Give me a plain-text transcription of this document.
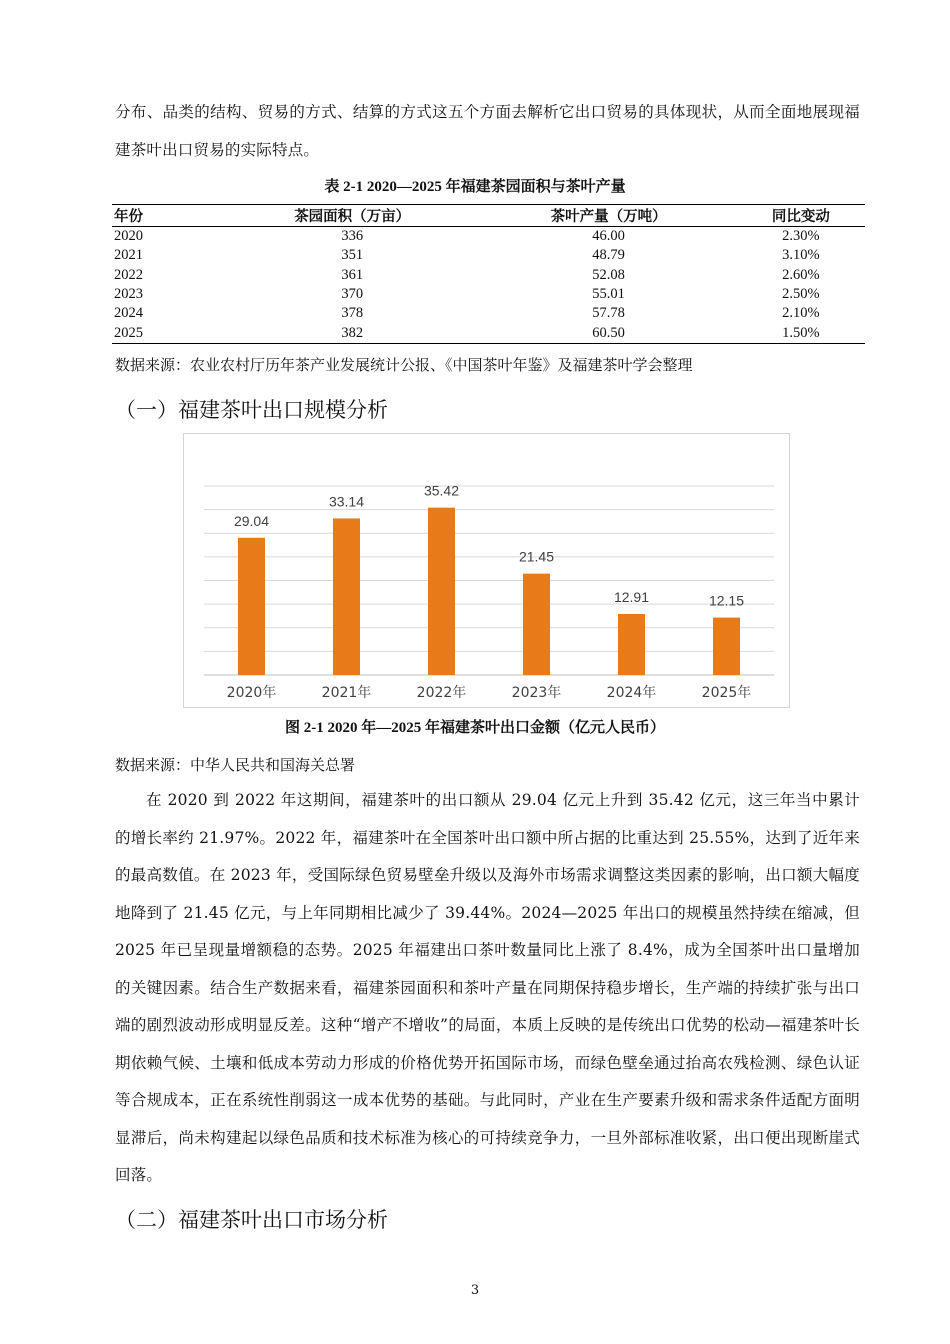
分布、品类的结构、贸易的方式、结算的方式这五个方面去解析它出口贸易的具体现状，从而全面地展现福建茶叶出口贸易的实际特点。

表 2-1 2020—2025 年福建茶园面积与茶叶产量
年份	茶园面积（万亩）	茶叶产量（万吨）	同比变动
2020	336	46.00	2.30%
2021	351	48.79	3.10%
2022	361	52.08	2.60%
2023	370	55.01	2.50%
2024	378	57.78	2.10%
2025	382	60.50	1.50%
数据来源：农业农村厅历年茶产业发展统计公报、《中国茶叶年鉴》及福建茶叶学会整理
（一）福建茶叶出口规模分析
29.04
2020年
33.14
2021年
35.42
2022年
21.45
2023年
12.91
2024年
12.15
2025年
图 2-1 2020 年—2025 年福建茶叶出口金额（亿元人民币）
数据来源：中华人民共和国海关总署

在 2020 到 2022 年这期间，福建茶叶的出口额从 29.04 亿元上升到 35.42 亿元，这三年当中累计的增长率约 21.97%。2022 年，福建茶叶在全国茶叶出口额中所占据的比重达到 25.55%，达到了近年来的最高数值。在 2023 年，受国际绿色贸易壁垒升级以及海外市场需求调整这类因素的影响，出口额大幅度地降到了 21.45 亿元，与上年同期相比减少了 39.44%。2024—2025 年出口的规模虽然持续在缩减，但 2025 年已呈现量增额稳的态势。2025 年福建出口茶叶数量同比上涨了 8.4%，成为全国茶叶出口量增加的关键因素。结合生产数据来看，福建茶园面积和茶叶产量在同期保持稳步增长，生产端的持续扩张与出口端的剧烈波动形成明显反差。这种“增产不增收”的局面，本质上反映的是传统出口优势的松动—福建茶叶长期依赖气候、土壤和低成本劳动力形成的价格优势开拓国际市场，而绿色壁垒通过抬高农残检测、绿色认证等合规成本，正在系统性削弱这一成本优势的基础。与此同时，产业在生产要素升级和需求条件适配方面明显滞后，尚未构建起以绿色品质和技术标准为核心的可持续竞争力，一旦外部标准收紧，出口便出现断崖式回落。

（二）福建茶叶出口市场分析
3
